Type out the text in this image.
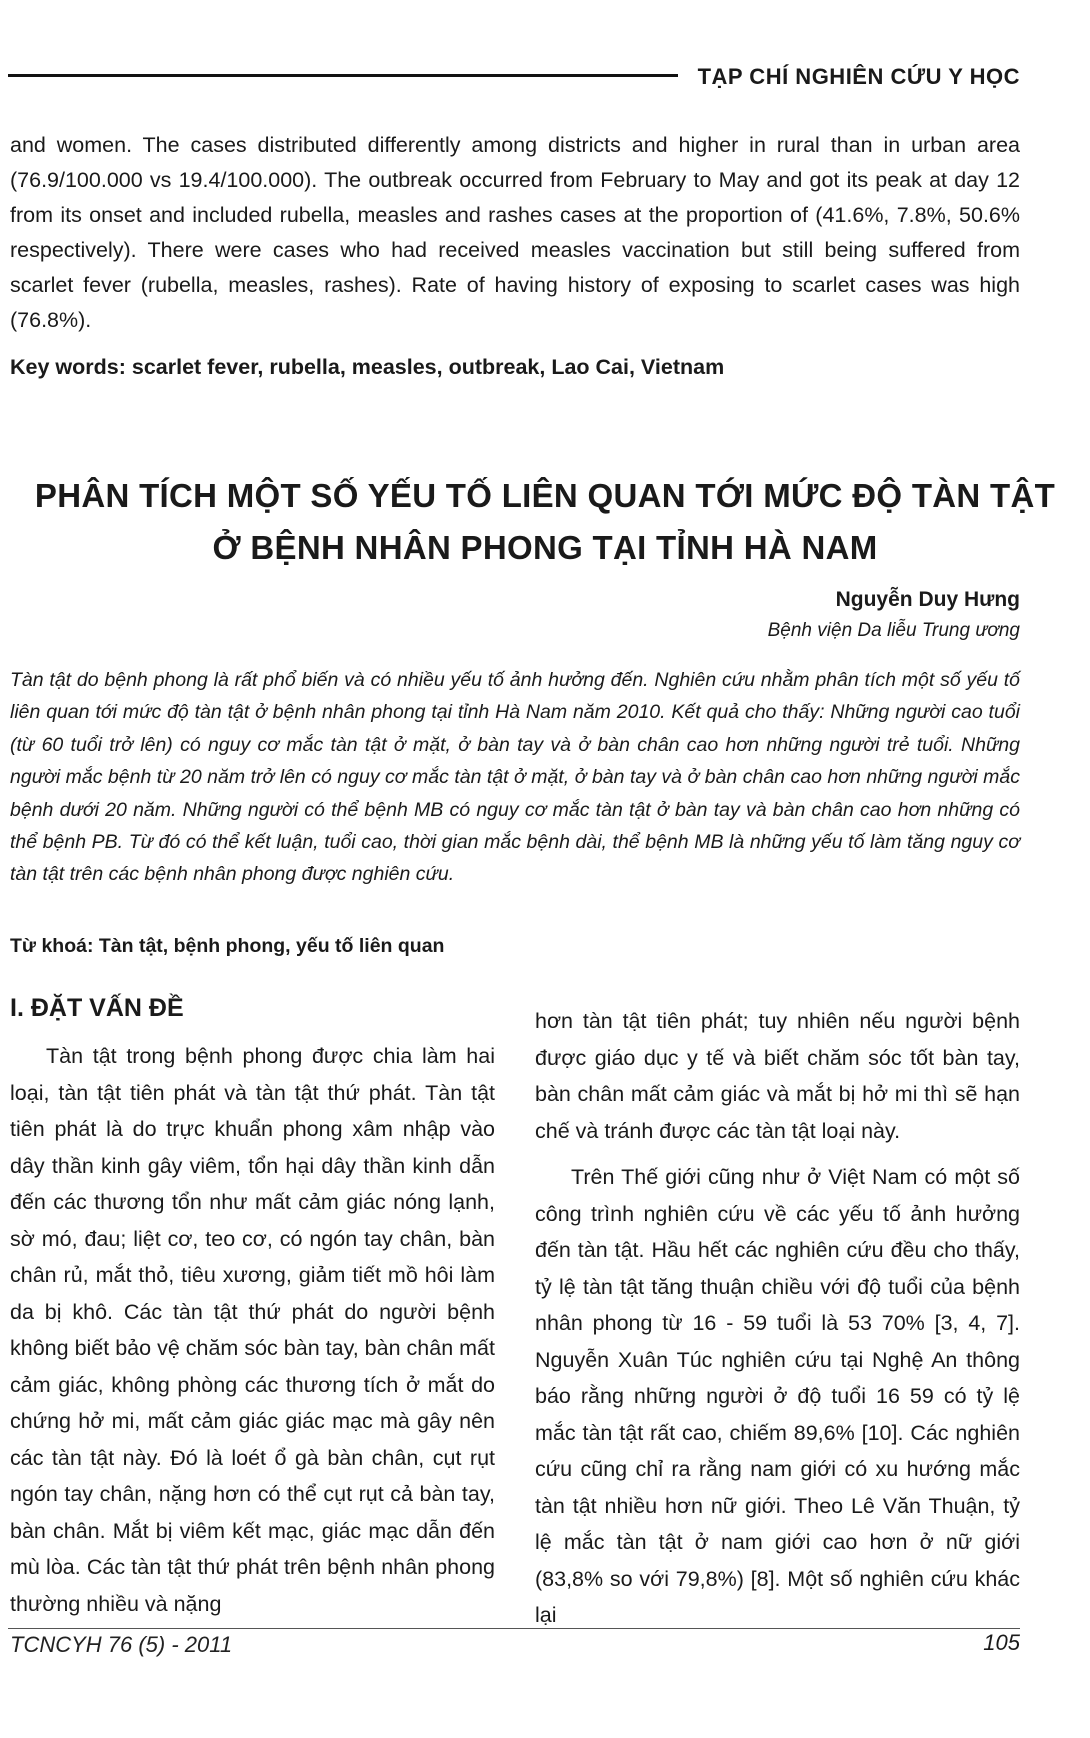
TẠP CHÍ NGHIÊN CỨU Y HỌC
and women. The cases distributed differently among districts and higher in rural than in urban area (76.9/100.000 vs 19.4/100.000). The outbreak occurred from February to May and got its peak at day 12 from its onset and included rubella, measles and rashes cases at the proportion of (41.6%, 7.8%, 50.6% respectively). There were cases who had received measles vaccination but still being suffered from scarlet fever (rubella, measles, rashes). Rate of having history of exposing to scarlet cases was high (76.8%).
Key words: scarlet fever, rubella, measles, outbreak, Lao Cai, Vietnam
PHÂN TÍCH MỘT SỐ YẾU TỐ LIÊN QUAN TỚI MỨC ĐỘ TÀN TẬT
Ở BỆNH NHÂN PHONG TẠI TỈNH HÀ NAM
Nguyễn Duy Hưng
Bệnh viện Da liễu Trung ương
Tàn tật do bệnh phong là rất phổ biến và có nhiều yếu tố ảnh hưởng đến. Nghiên cứu nhằm phân tích một số yếu tố liên quan tới mức độ tàn tật ở bệnh nhân phong tại tỉnh Hà Nam năm 2010. Kết quả cho thấy: Những người cao tuổi (từ 60 tuổi trở lên) có nguy cơ mắc tàn tật ở mặt, ở bàn tay và ở bàn chân cao hơn những người trẻ tuổi. Những người mắc bệnh từ 20 năm trở lên có nguy cơ mắc tàn tật ở mặt, ở bàn tay và ở bàn chân cao hơn những người mắc bệnh dưới 20 năm. Những người có thể bệnh MB có nguy cơ mắc tàn tật ở bàn tay và bàn chân cao hơn những có thể bệnh PB. Từ đó có thể kết luận, tuổi cao, thời gian mắc bệnh dài, thể bệnh MB là những yếu tố làm tăng nguy cơ tàn tật trên các bệnh nhân phong được nghiên cứu.
Từ khoá: Tàn tật, bệnh phong, yếu tố liên quan
I. ĐẶT VẤN ĐỀ

Tàn tật trong bệnh phong được chia làm hai loại, tàn tật tiên phát và tàn tật thứ phát. Tàn tật tiên phát là do trực khuẩn phong xâm nhập vào dây thần kinh gây viêm, tổn hại dây thần kinh dẫn đến các thương tổn như mất cảm giác nóng lạnh, sờ mó, đau; liệt cơ, teo cơ, có ngón tay chân, bàn chân rủ, mắt thỏ, tiêu xương, giảm tiết mồ hôi làm da bị khô. Các tàn tật thứ phát do người bệnh không biết bảo vệ chăm sóc bàn tay, bàn chân mất cảm giác, không phòng các thương tích ở mắt do chứng hở mi, mất cảm giác giác mạc mà gây nên các tàn tật này. Đó là loét ổ gà bàn chân, cụt rụt ngón tay chân, nặng hơn có thể cụt rụt cả bàn tay, bàn chân. Mắt bị viêm kết mạc, giác mạc dẫn đến mù lòa. Các tàn tật thứ phát trên bệnh nhân phong thường nhiều và nặng

hơn tàn tật tiên phát; tuy nhiên nếu người bệnh được giáo dục y tế và biết chăm sóc tốt bàn tay, bàn chân mất cảm giác và mắt bị hở mi thì sẽ hạn chế và tránh được các tàn tật loại này.

Trên Thế giới cũng như ở Việt Nam có một số công trình nghiên cứu về các yếu tố ảnh hưởng đến tàn tật. Hầu hết các nghiên cứu đều cho thấy, tỷ lệ tàn tật tăng thuận chiều với độ tuổi của bệnh nhân phong từ 16 - 59 tuổi là 53 70% [3, 4, 7]. Nguyễn Xuân Túc nghiên cứu tại Nghệ An thông báo rằng những người ở độ tuổi 16 59 có tỷ lệ mắc tàn tật rất cao, chiếm 89,6% [10]. Các nghiên cứu cũng chỉ ra rằng nam giới có xu hướng mắc tàn tật nhiều hơn nữ giới. Theo Lê Văn Thuận, tỷ lệ mắc tàn tật ở nam giới cao hơn ở nữ giới (83,8% so với 79,8%) [8]. Một số nghiên cứu khác lại

TCNCYH 76 (5) - 2011	105
